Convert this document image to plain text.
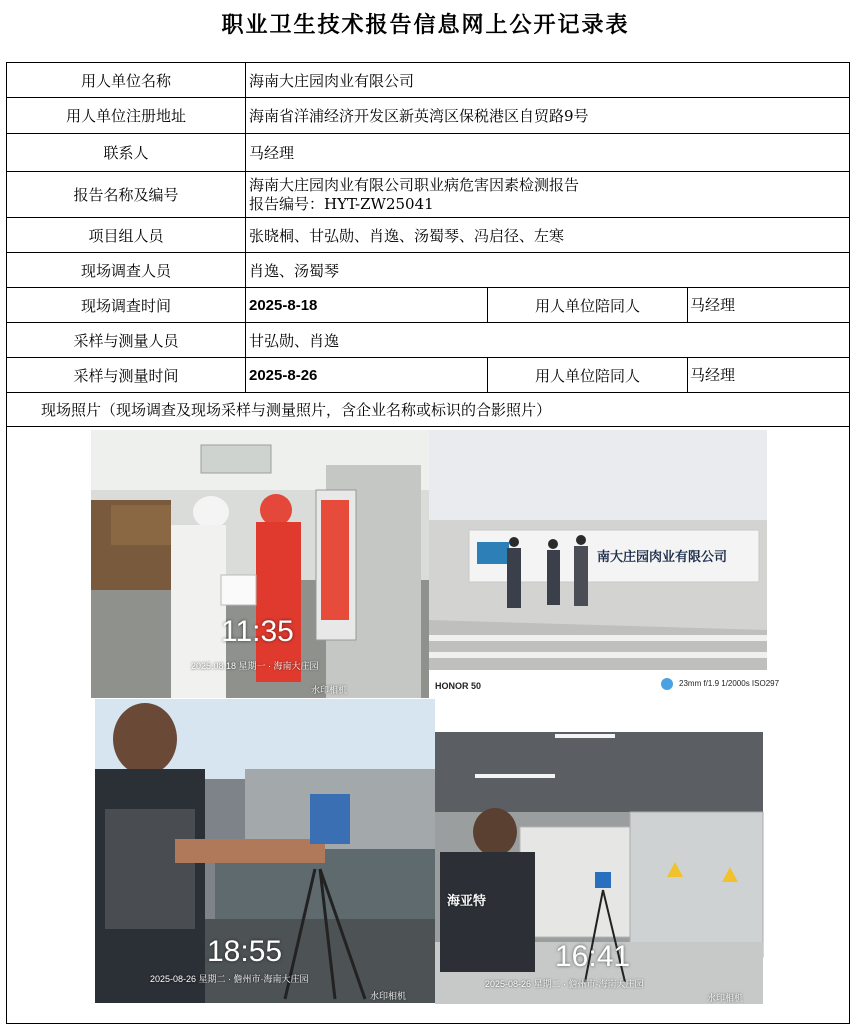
职业卫生技术报告信息网上公开记录表
用人单位名称	海南大庄园肉业有限公司
用人单位注册地址	海南省洋浦经济开发区新英湾区保税港区自贸路9号
联系人	马经理
报告名称及编号
海南大庄园肉业有限公司职业病危害因素检测报告
报告编号：HYT-ZW25041
项目组人员	张晓桐、甘弘勋、肖逸、汤蜀琴、冯启径、左寒
现场调查人员	肖逸、汤蜀琴
现场调查时间	2025-8-18	用人单位陪同人	马经理
采样与测量人员	甘弘勋、肖逸
采样与测量时间	2025-8-26	用人单位陪同人	马经理
现场照片（现场调查及现场采样与测量照片，含企业名称或标识的合影照片）
11:35
2025.08.18 星期一 · 海南大庄园
水印相机
南大庄园肉业有限公司
HONOR 50	23mm f/1.9 1/2000s ISO297
18:55
2025-08-26 星期二 · 儋州市·海南大庄园
水印相机
海亚特
16:41
2025-08-26 星期二 · 儋州市·海南大庄园
水印相机
